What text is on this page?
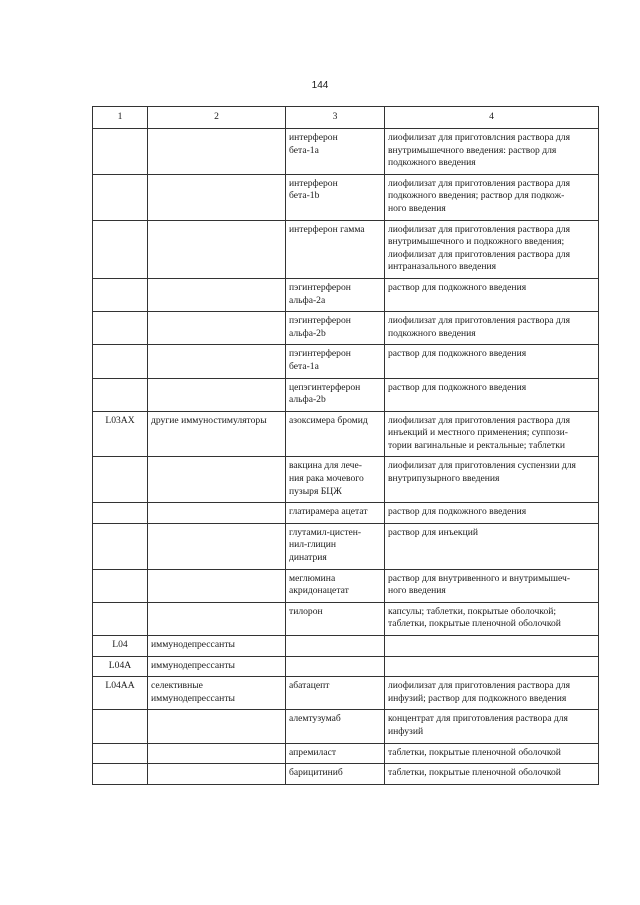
144
1	2	3	4
		интерферон
бета-1a	лиофилизат для приготовлсния раствора для внутримышечного введения: раствор для подкожного введения
		интерферон
бета-1b	лиофилизат для приготовления раствора для подкожного введения; раствор для подкож-
ного введения
		интерферон гамма	лиофилизат для приготовления раствора для внутримышечного и подкожного введения; лиофилизат для приготовления раствора для интраназального введения
		пэгинтерферон
альфа-2a	раствор для подкожного введения
		пэгинтерферон
альфа-2b	лиофилизат для приготовления раствора для подкожного введения
		пэгинтерферон
бета-1a	раствор для подкожного введения
		цепэгинтерферон
альфа-2b	раствор для подкожного введения
L03AX	другие иммуностимуляторы	азоксимера бромид	лиофилизат для приготовления раствора для инъекций и местного применения; суппози-
тории вагинальные и ректальные; таблетки
		вакцина для лече-
ния рака мочевого
пузыря БЦЖ	лиофилизат для приготовления суспензии для внутрипузырного введения
		глатирамера ацетат	раствор для подкожного введения
		глутамил-цистен-
нил-глицин
динатрия	раствор для инъекций
		меглюмина
акридонацетат	раствор для внутривенного и внутримышеч-
ного введения
		тилорон	капсулы; таблетки, покрытые оболочкой; таблетки, покрытые пленочной оболочкой
L04	иммунодепрессанты		
L04A	иммунодепрессанты		
L04AA	селективные
иммунодепрессанты	абатацепт	лиофилизат для приготовления раствора для инфузий; раствор для подкожного введения
		алемтузумаб	концентрат для приготовления раствора для инфузий
		апремиласт	таблетки, покрытые пленочной оболочкой
		барицитиниб	таблетки, покрытые пленочной оболочкой
